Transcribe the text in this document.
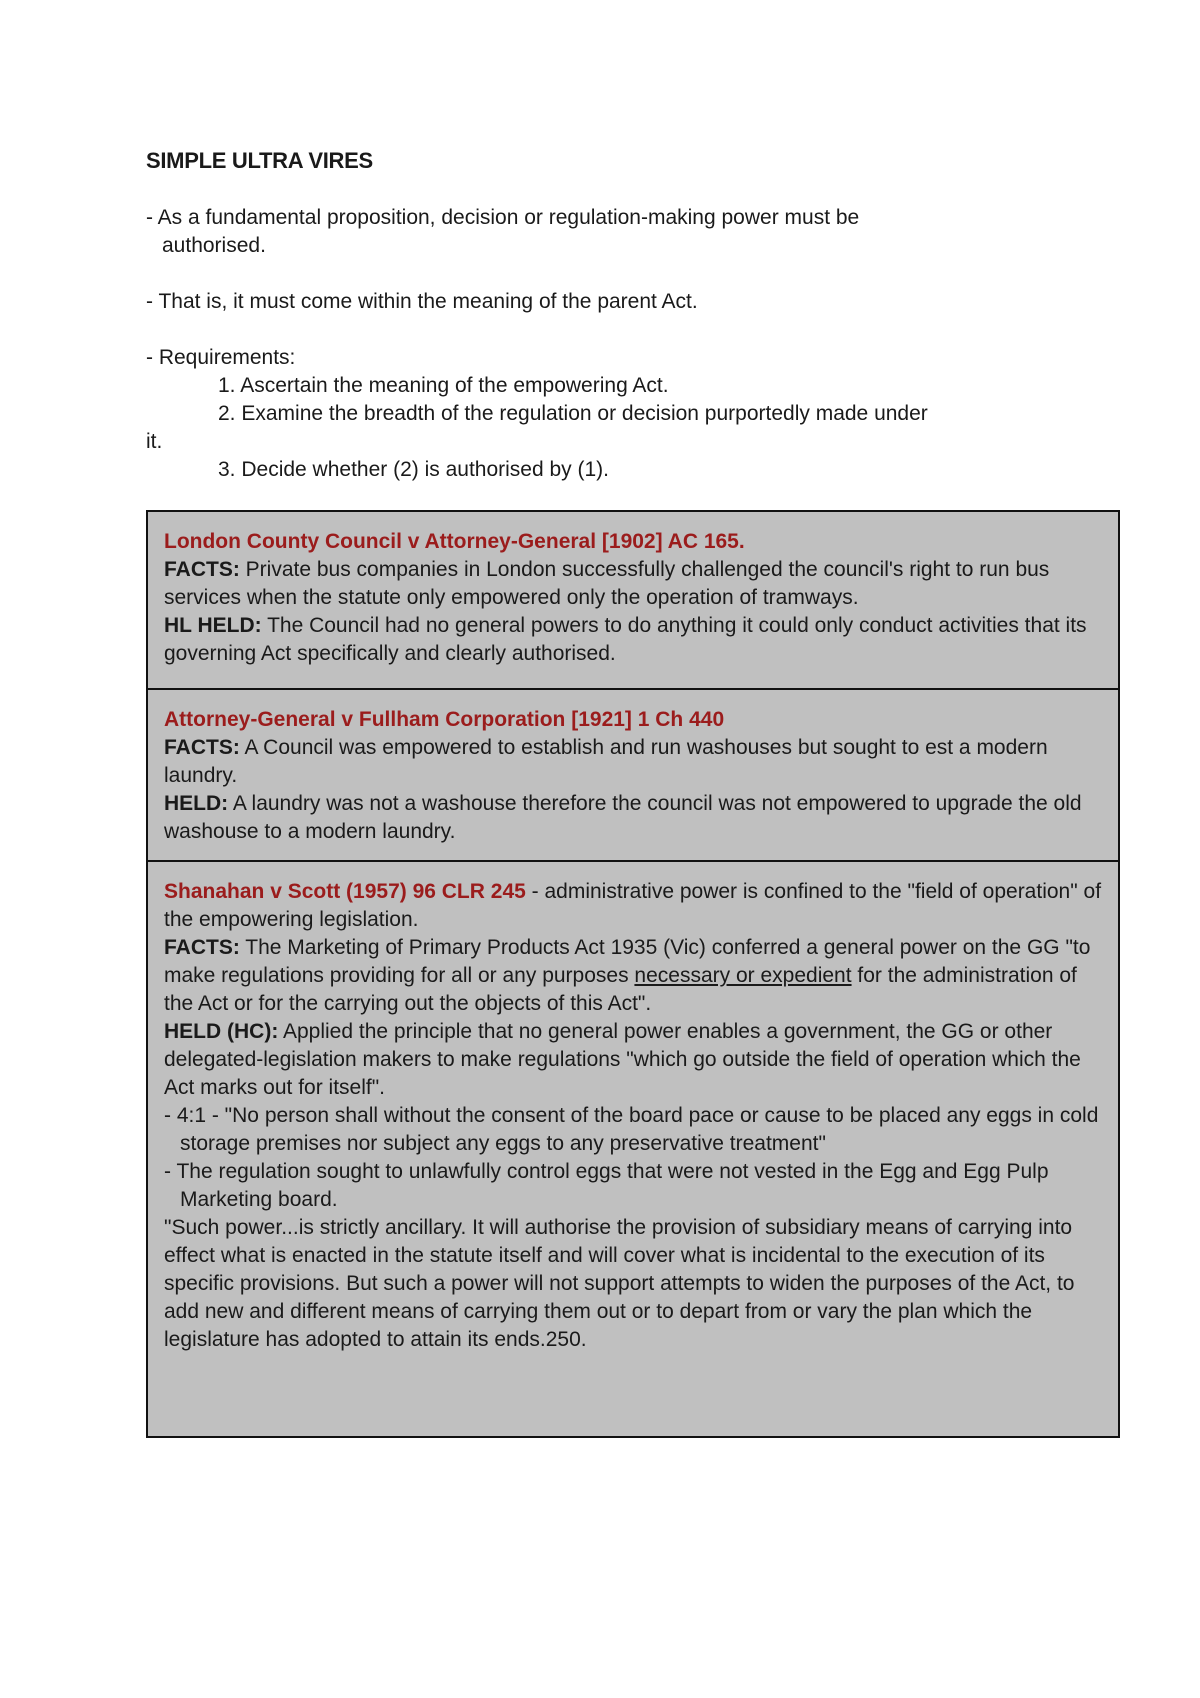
SIMPLE ULTRA VIRES

- As a fundamental proposition, decision or regulation-making power must be

authorised.

- That is, it must come within the meaning of the parent Act.

- Requirements:

1. Ascertain the meaning of the empowering Act.

2. Examine the breadth of the regulation or decision purportedly made under

it.

3. Decide whether (2) is authorised by (1).

London County Council v Attorney-General [1902] AC 165.

FACTS: Private bus companies in London successfully challenged the council's right to run bus services when the statute only empowered only the operation of tramways.

HL HELD: The Council had no general powers to do anything it could only conduct activities that its governing Act specifically and clearly authorised.

Attorney-General v Fullham Corporation [1921] 1 Ch 440

FACTS: A Council was empowered to establish and run washouses but sought to est a modern laundry.

HELD: A laundry was not a washouse therefore the council was not empowered to upgrade the old washouse to a modern laundry.

Shanahan v Scott (1957) 96 CLR 245 - administrative power is confined to the "field of operation" of the empowering legislation.

FACTS: The Marketing of Primary Products Act 1935 (Vic) conferred a general power on the GG "to make regulations providing for all or any purposes necessary or expedient for the administration of the Act or for the carrying out the objects of this Act".

HELD (HC): Applied the principle that no general power enables a government, the GG or other delegated-legislation makers to make regulations "which go outside the field of operation which the Act marks out for itself".

- 4:1 - "No person shall without the consent of the board pace or cause to be placed any eggs in cold storage premises nor subject any eggs to any preservative treatment"

- The regulation sought to unlawfully control eggs that were not vested in the Egg and Egg Pulp Marketing board.

"Such power...is strictly ancillary. It will authorise the provision of subsidiary means of carrying into effect what is enacted in the statute itself and will cover what is incidental to the execution of its specific provisions. But such a power will not support attempts to widen the purposes of the Act, to add new and different means of carrying them out or to depart from or vary the plan which the legislature has adopted to attain its ends.250.
